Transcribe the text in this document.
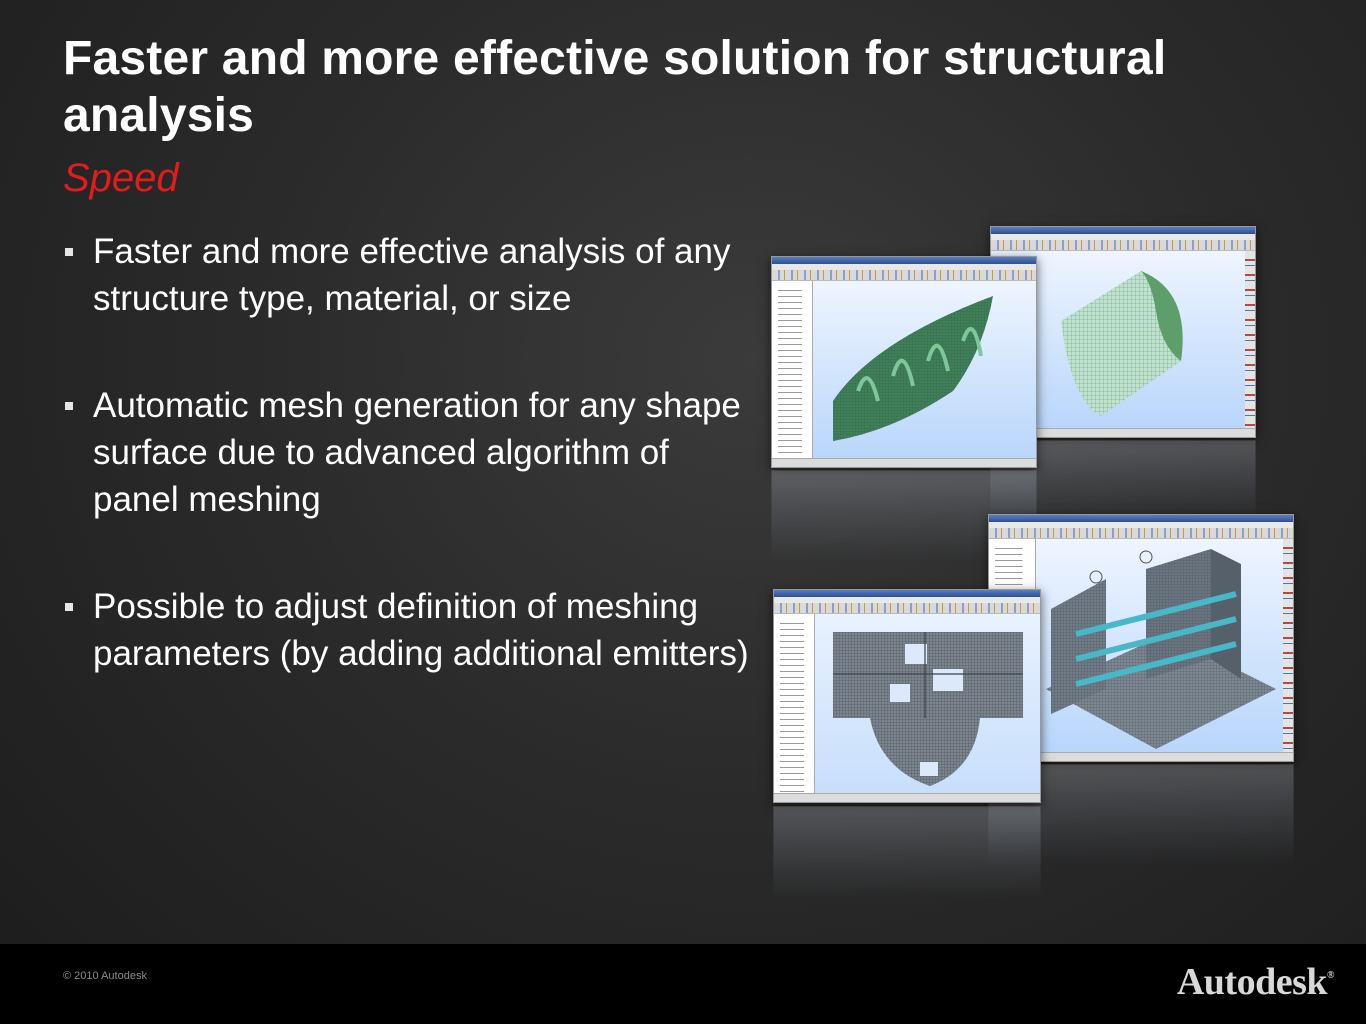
Faster and more effective solution for structural analysis
Speed
Faster and more effective analysis of any structure type, material, or size
Automatic mesh generation for any shape surface due to advanced algorithm of panel meshing
Possible to adjust definition of meshing parameters (by adding additional emitters)
© 2010 Autodesk	Autodesk®
